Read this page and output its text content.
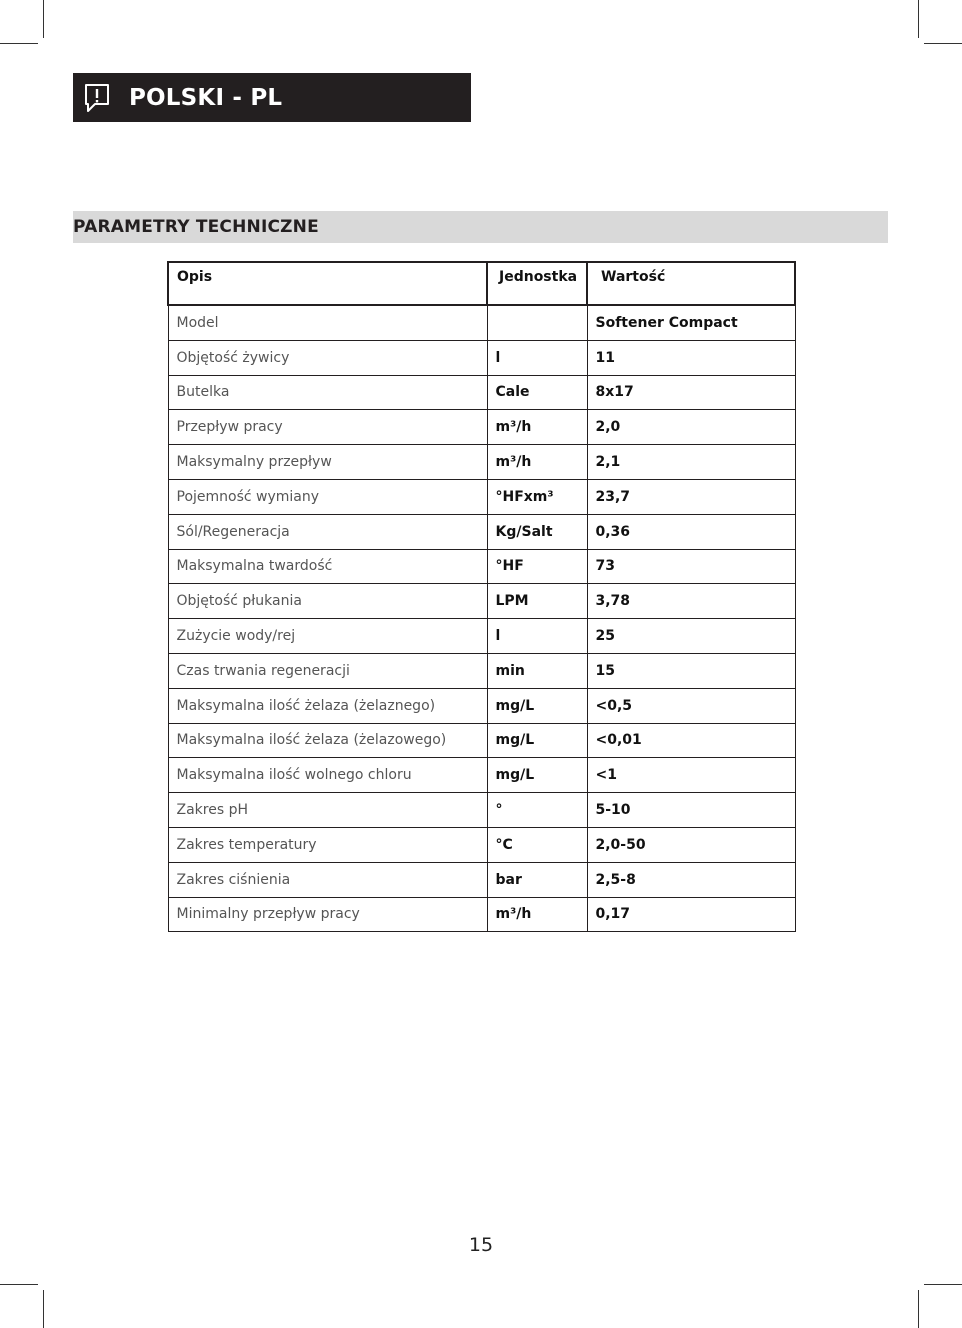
POLSKI - PL
PARAMETRY TECHNICZNE
Opis	Jednostka	Wartość
Model		Softener Compact
Objętość żywicy	l	11
Butelka	Cale	8x17
Przepływ pracy	m³/h	2,0
Maksymalny przepływ	m³/h	2,1
Pojemność wymiany	°HFxm³	23,7
Sól/Regeneracja	Kg/Salt	0,36
Maksymalna twardość	°HF	73
Objętość płukania	LPM	3,78
Zużycie wody/rej	l	25
Czas trwania regeneracji	min	15
Maksymalna ilość żelaza (żelaznego)	mg/L	<0,5
Maksymalna ilość żelaza (żelazowego)	mg/L	<0,01
Maksymalna ilość wolnego chloru	mg/L	<1
Zakres pH	°	5-10
Zakres temperatury	°C	2,0-50
Zakres ciśnienia	bar	2,5-8
Minimalny przepływ pracy	m³/h	0,17
15
